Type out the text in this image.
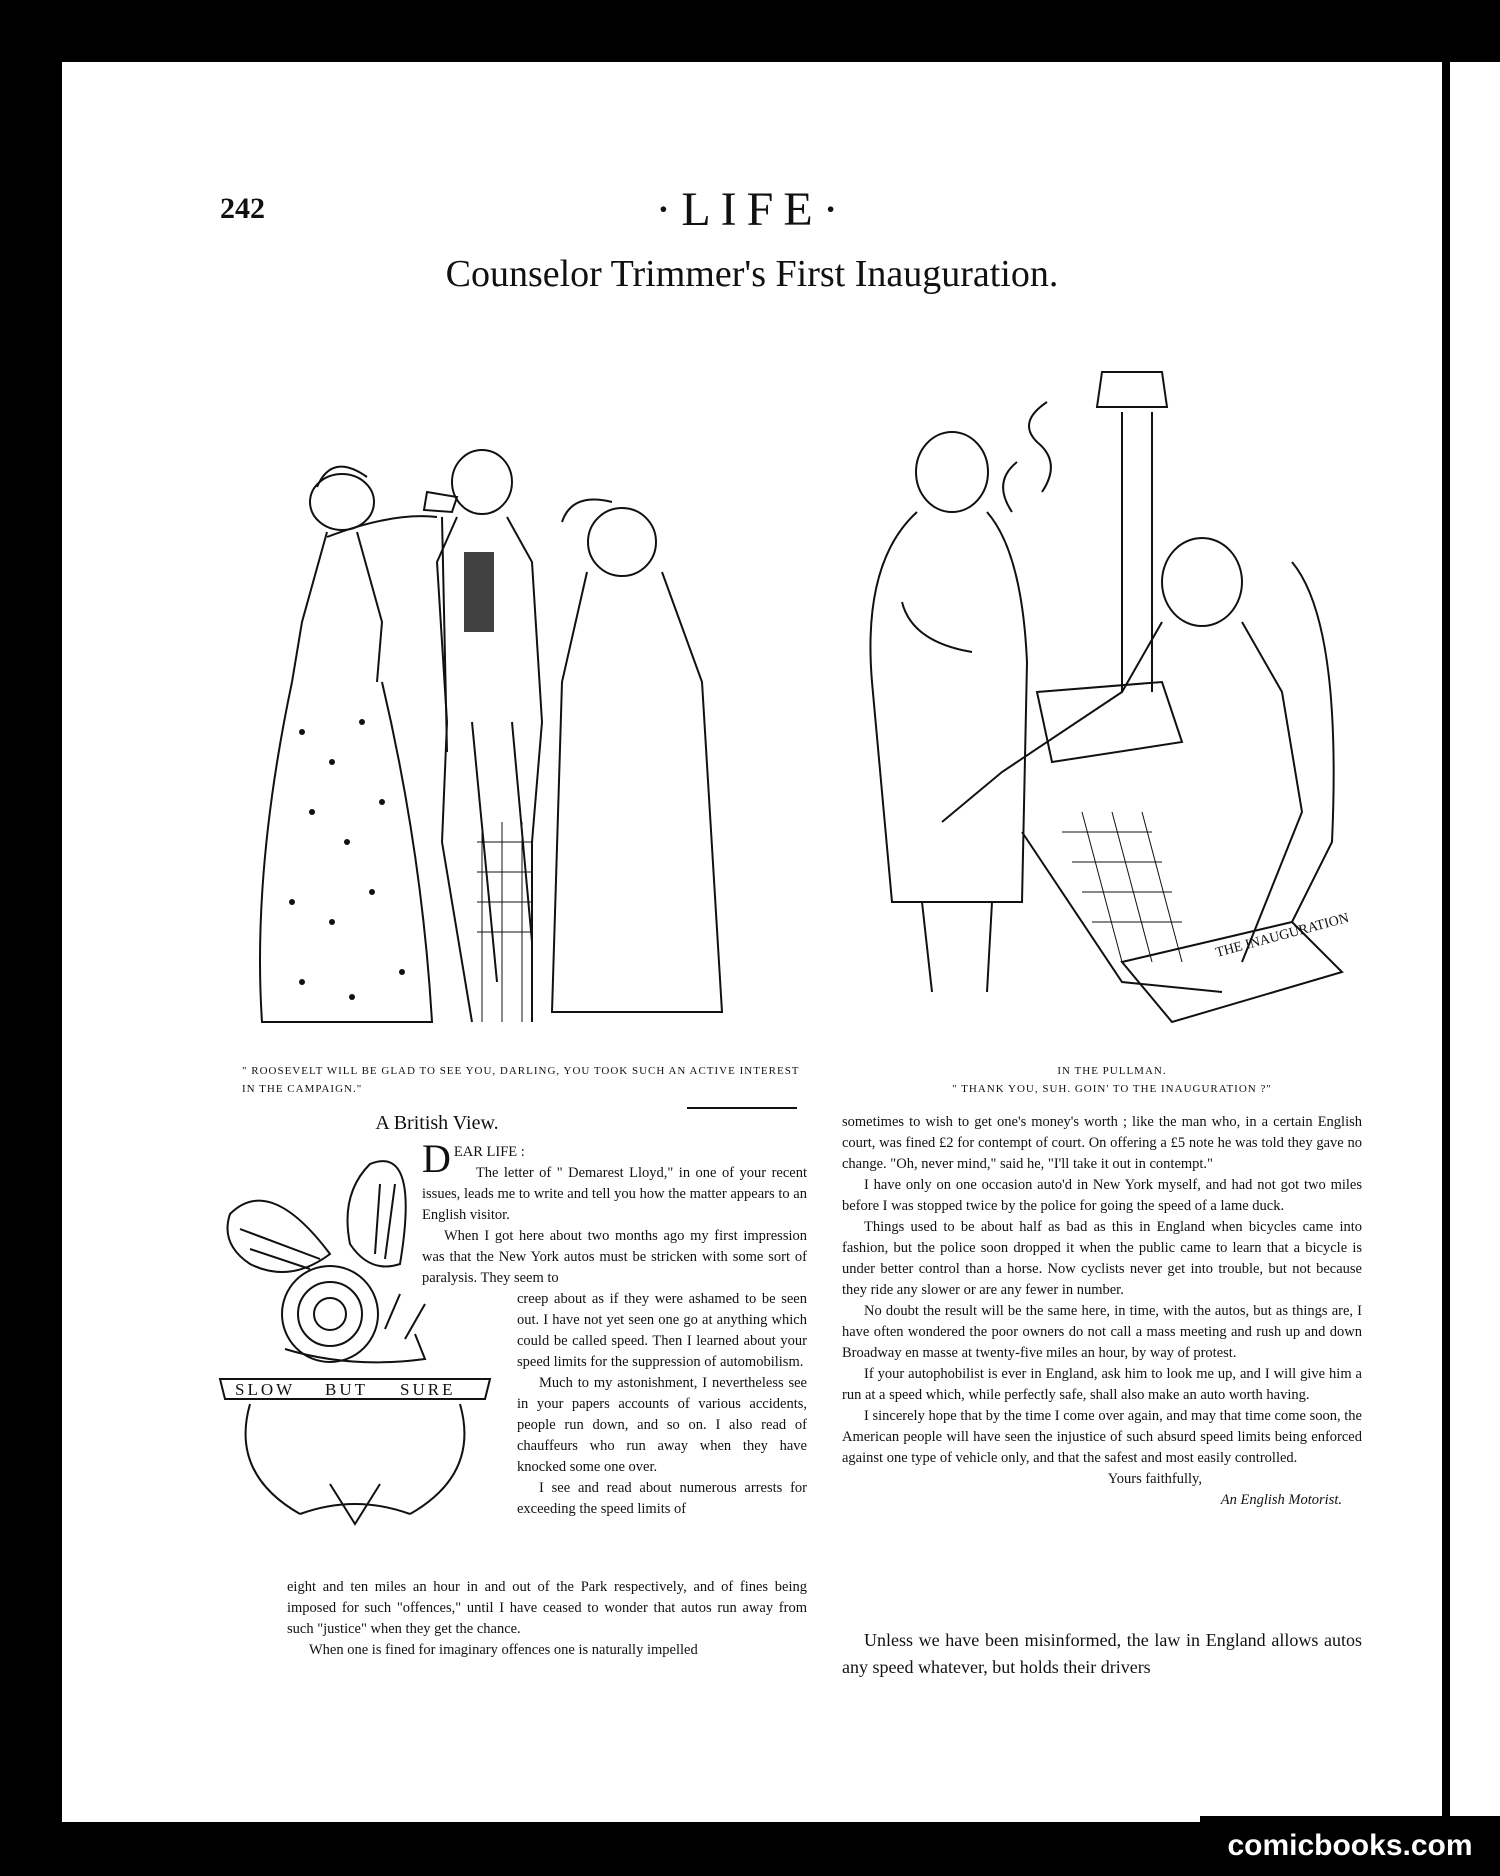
242	·LIFE·
Counselor Trimmer's First Inauguration.
THE INAUGURATION
" ROOSEVELT WILL BE GLAD TO SEE YOU, DARLING, YOU TOOK SUCH AN ACTIVE INTEREST IN THE CAMPAIGN."
IN THE PULLMAN.
" THANK YOU, SUH. GOIN' TO THE INAUGURATION ?"
A British View.
SLOW BUT SURE

DEAR LIFE :

The letter of " Demarest Lloyd," in one of your recent issues, leads me to write and tell you how the matter appears to an English visitor.

When I got here about two months ago my first impression was that the New York autos must be stricken with some sort of paralysis. They seem to

creep about as if they were ashamed to be seen out. I have not yet seen one go at anything which could be called speed. Then I learned about your speed limits for the suppression of automobilism.

Much to my astonishment, I nevertheless see in your papers accounts of various accidents, people run down, and so on. I also read of chauffeurs who run away when they have knocked some one over.

I see and read about numerous arrests for exceeding the speed limits of

eight and ten miles an hour in and out of the Park respectively, and of fines being imposed for such "offences," until I have ceased to wonder that autos run away from such "justice" when they get the chance.

When one is fined for imaginary offences one is naturally impelled

sometimes to wish to get one's money's worth ; like the man who, in a certain English court, was fined £2 for contempt of court. On offering a £5 note he was told they gave no change. "Oh, never mind," said he, "I'll take it out in contempt."

I have only on one occasion auto'd in New York myself, and had not got two miles before I was stopped twice by the police for going the speed of a lame duck.

Things used to be about half as bad as this in England when bicycles came into fashion, but the police soon dropped it when the public came to learn that a bicycle is under better control than a horse. Now cyclists never get into trouble, but not because they ride any slower or are any fewer in number.

No doubt the result will be the same here, in time, with the autos, but as things are, I have often wondered the poor owners do not call a mass meeting and rush up and down Broadway en masse at twenty-five miles an hour, by way of protest.

If your autophobilist is ever in England, ask him to look me up, and I will give him a run at a speed which, while perfectly safe, shall also make an auto worth having.

I sincerely hope that by the time I come over again, and may that time come soon, the American people will have seen the injustice of such absurd speed limits being enforced against one type of vehicle only, and that the safest and most easily controlled.

Yours faithfully,

An English Motorist.

Unless we have been misinformed, the law in England allows autos any speed whatever, but holds their drivers
comicbooks.com
